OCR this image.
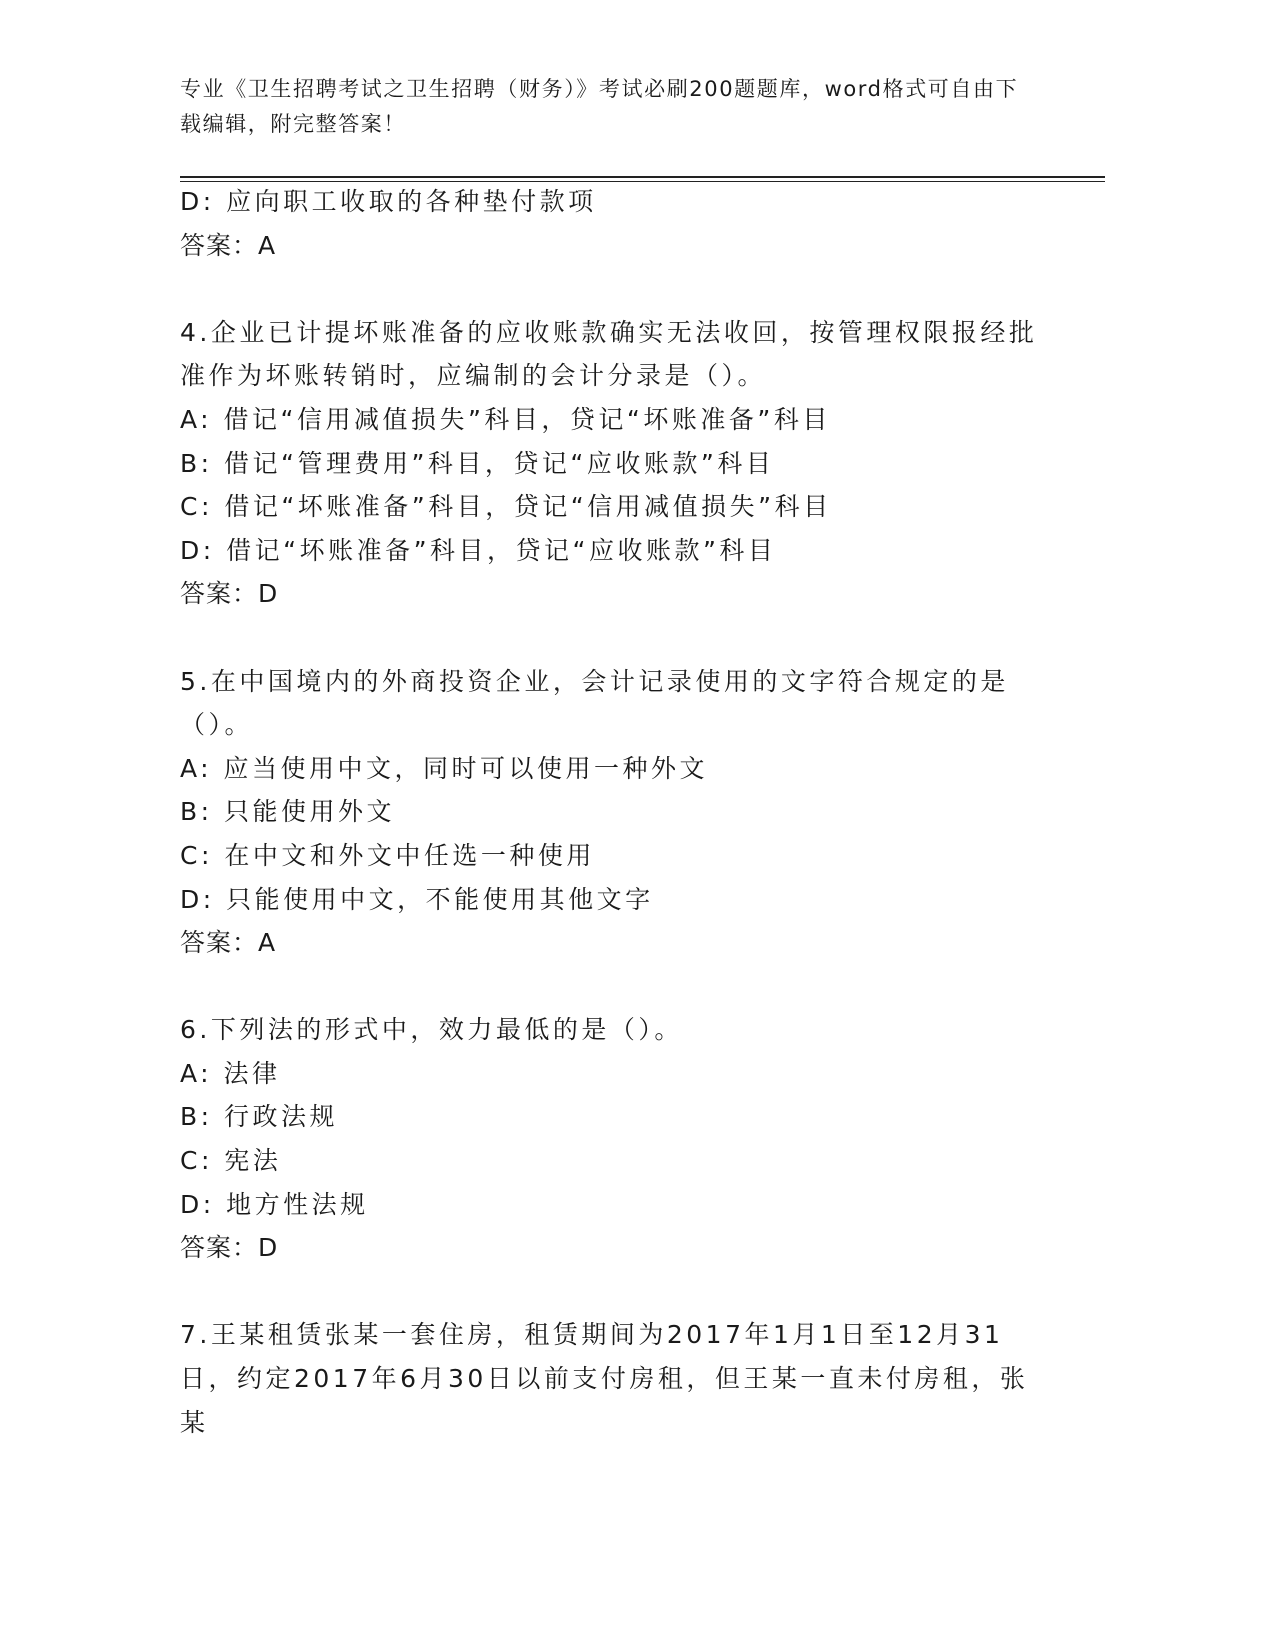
专业《卫生招聘考试之卫生招聘（财务）》考试必刷200题题库，word格式可自由下载编辑，附完整答案！
D: 应向职工收取的各种垫付款项
答案：A
4.企业已计提坏账准备的应收账款确实无法收回，按管理权限报经批准作为坏账转销时，应编制的会计分录是（）。
A: 借记“信用减值损失”科目，贷记“坏账准备”科目
B: 借记“管理费用”科目，贷记“应收账款”科目
C: 借记“坏账准备”科目，贷记“信用减值损失”科目
D: 借记“坏账准备”科目，贷记“应收账款”科目
答案：D
5.在中国境内的外商投资企业，会计记录使用的文字符合规定的是（）。
A: 应当使用中文，同时可以使用一种外文
B: 只能使用外文
C: 在中文和外文中任选一种使用
D: 只能使用中文，不能使用其他文字
答案：A
6.下列法的形式中，效力最低的是（）。
A: 法律
B: 行政法规
C: 宪法
D: 地方性法规
答案：D
7.王某租赁张某一套住房，租赁期间为2017年1月1日至12月31日，约定2017年6月30日以前支付房租，但王某一直未付房租，张某
